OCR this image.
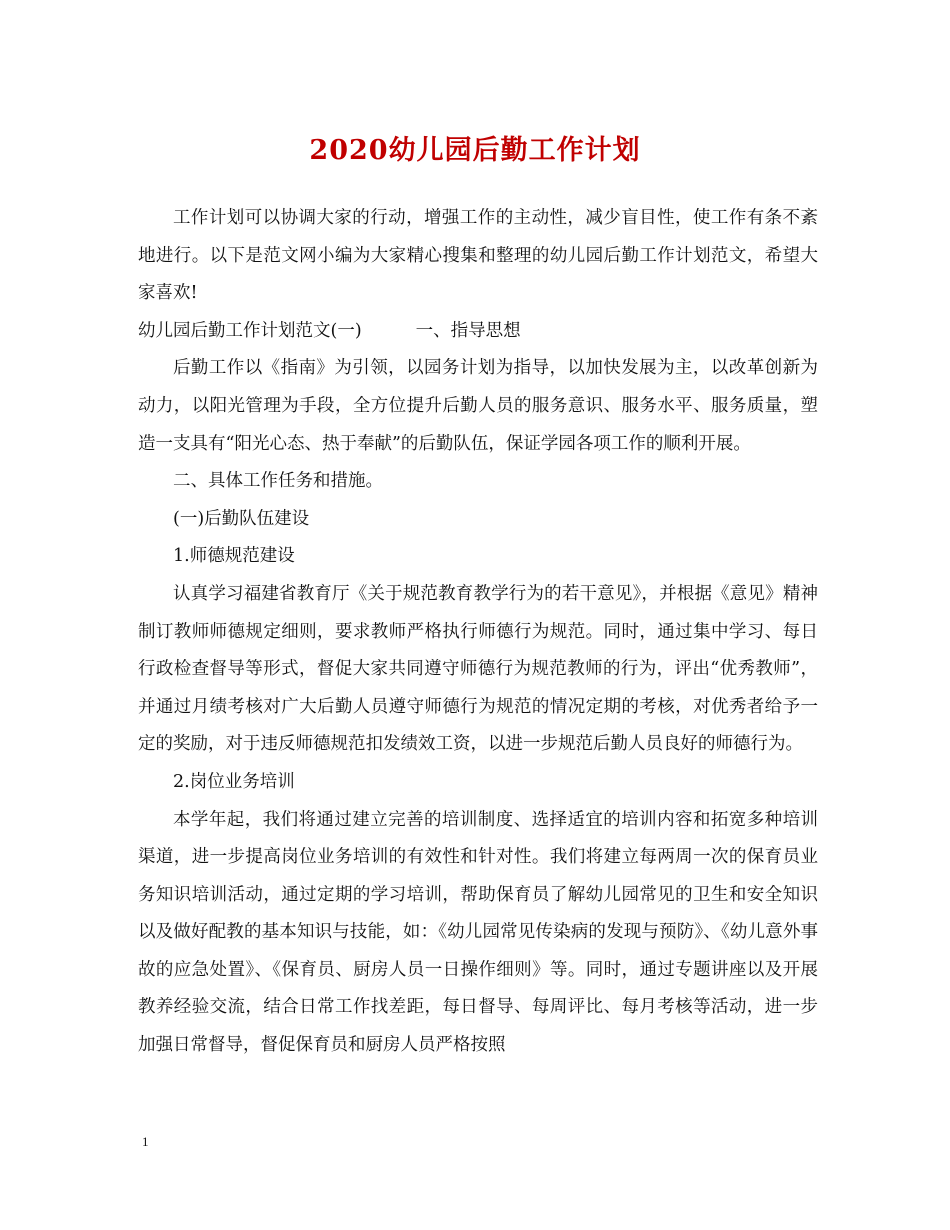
2020幼儿园后勤工作计划

工作计划可以协调大家的行动，增强工作的主动性，减少盲目性，使工作有条不紊地进行。以下是范文网小编为大家精心搜集和整理的幼儿园后勤工作计划范文，希望大家喜欢!

幼儿园后勤工作计划范文(一)	一、指导思想

后勤工作以《指南》为引领，以园务计划为指导，以加快发展为主，以改革创新为动力，以阳光管理为手段，全方位提升后勤人员的服务意识、服务水平、服务质量，塑造一支具有“阳光心态、热于奉献”的后勤队伍，保证学园各项工作的顺利开展。

二、具体工作任务和措施。

(一)后勤队伍建设

1.师德规范建设

认真学习福建省教育厅《关于规范教育教学行为的若干意见》，并根据《意见》精神制订教师师德规定细则，要求教师严格执行师德行为规范。同时，通过集中学习、每日行政检查督导等形式，督促大家共同遵守师德行为规范教师的行为，评出“优秀教师”，并通过月绩考核对广大后勤人员遵守师德行为规范的情况定期的考核，对优秀者给予一定的奖励，对于违反师德规范扣发绩效工资，以进一步规范后勤人员良好的师德行为。

2.岗位业务培训

本学年起，我们将通过建立完善的培训制度、选择适宜的培训内容和拓宽多种培训渠道，进一步提高岗位业务培训的有效性和针对性。我们将建立每两周一次的保育员业务知识培训活动，通过定期的学习培训，帮助保育员了解幼儿园常见的卫生和安全知识以及做好配教的基本知识与技能，如：《幼儿园常见传染病的发现与预防》、《幼儿意外事故的应急处置》、《保育员、厨房人员一日操作细则》等。同时，通过专题讲座以及开展教养经验交流，结合日常工作找差距，每日督导、每周评比、每月考核等活动，进一步加强日常督导，督促保育员和厨房人员严格按照

1
